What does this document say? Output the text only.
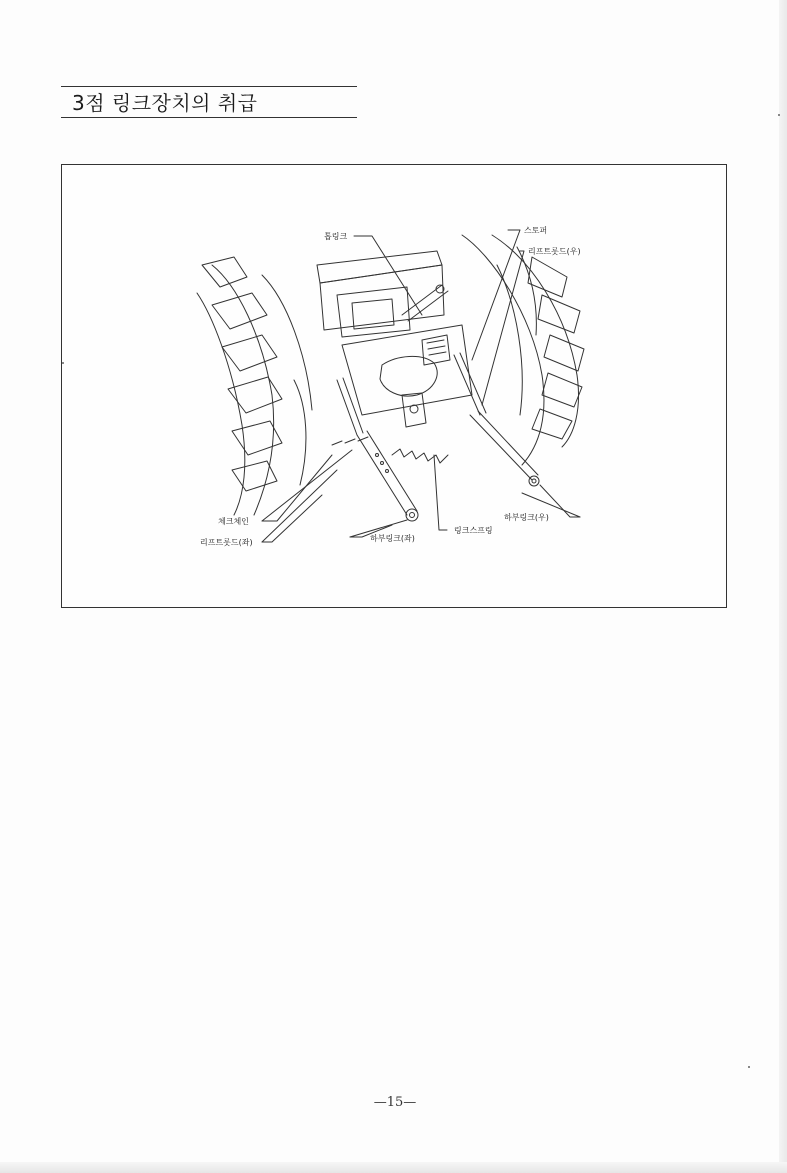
3점 링크장치의 취급
톱링크
스토퍼
리프트롯드(우)
체크체인
리프트롯드(좌)	하부링크(좌)
링크스프링
하부링크(우)
—15—
